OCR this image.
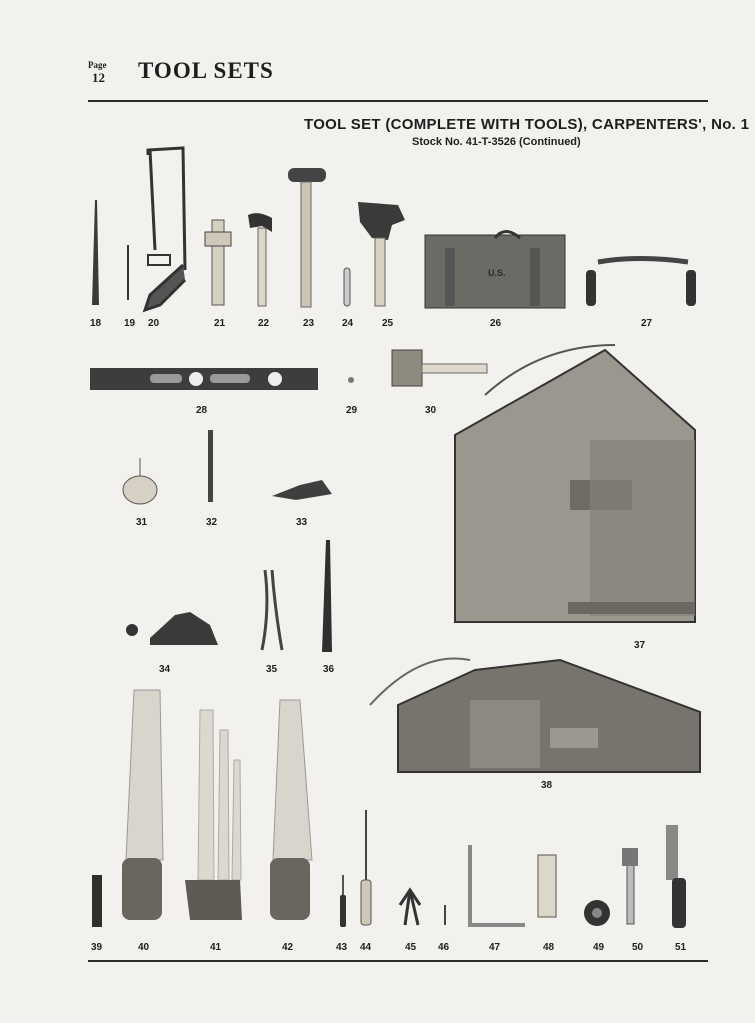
Page
12 TOOL SETS
TOOL SET (COMPLETE WITH TOOLS), CARPENTERS', No. 1
Stock No. 41-T-3526 (Continued)
U.S.
18 19 20	21	22	23	24	25	26	27
28	29	30
31	32	33
34	35	36
37
38
39	40	41	42	43 44	45 46	47	48	49	50	51
